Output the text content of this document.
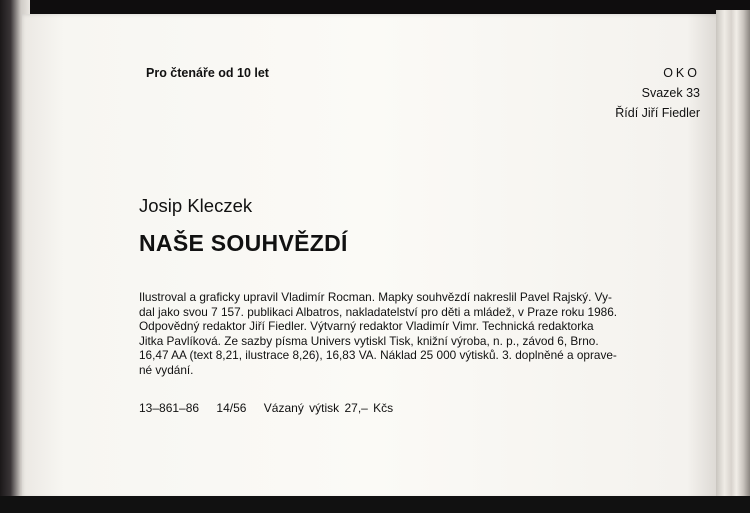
Pro čtenáře od 10 let	OKO
Svazek 33
Řídí Jiří Fiedler
Josip Kleczek
NAŠE SOUHVĚZDÍ
Ilustroval a graficky upravil Vladimír Rocman. Mapky souhvězdí nakreslil Pavel Rajský. Vy-
dal jako svou 7 157. publikaci Albatros, nakladatelství pro děti a mládež, v Praze roku 1986.
Odpovědný redaktor Jiří Fiedler. Výtvarný redaktor Vladimír Vimr. Technická redaktorka
Jitka Pavlíková. Ze sazby písma Univers vytiskl Tisk, knižní výroba, n. p., závod 6, Brno.
16,47 AA (text 8,21, ilustrace 8,26), 16,83 VA. Náklad 25 000 výtisků. 3. doplněné a oprave-
né vydání.
13–861–86 14/56 Vázaný výtisk 27,– Kčs
